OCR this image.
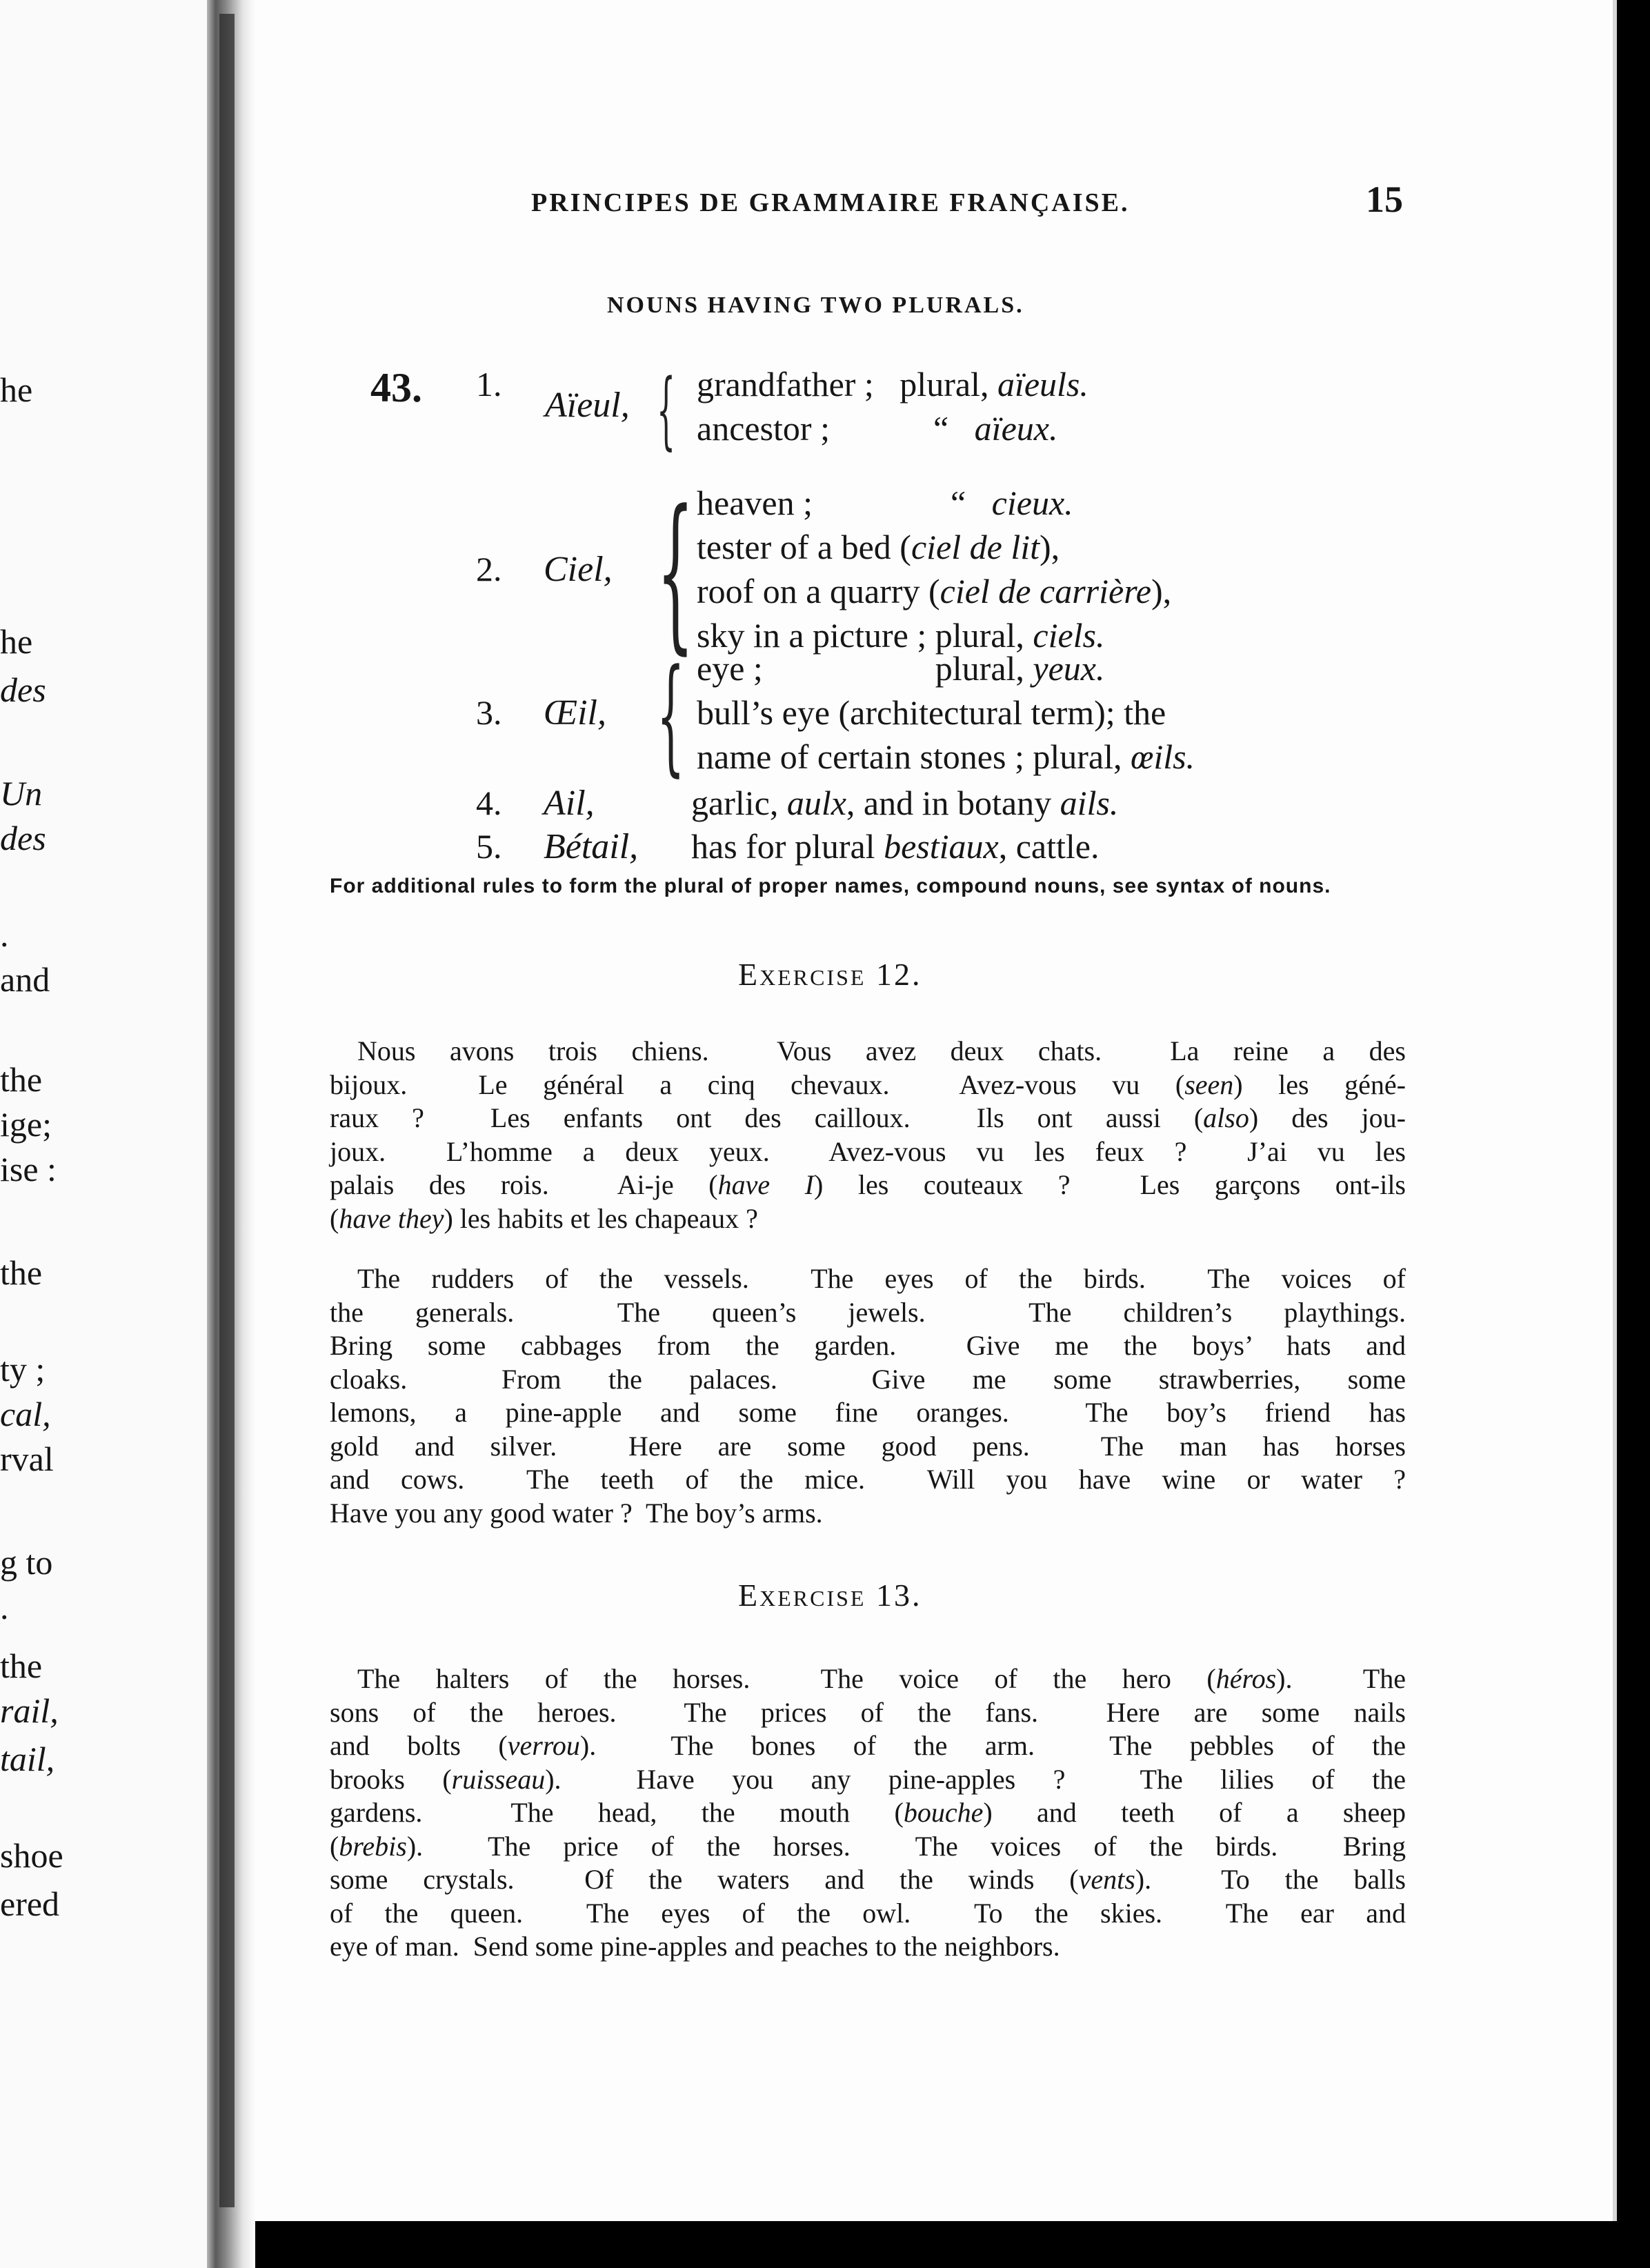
he
he
des
Un
des
.
and
the
ige;
ise :
the
ty ;
cal,
rval
g to
.
the
rail,
tail,
shoe
ered
PRINCIPES DE GRAMMAIRE FRANÇAISE.	15
NOUNS HAVING TWO PLURALS.
43. 1.
Aïeul, { grandfather ;   plural, aïeuls.
ancestor ;            “   aïeux.
2. Ciel, { heaven ;                “   cieux.
tester of a bed (ciel de lit),
roof on a quarry (ciel de carrière),
sky in a picture ; plural, ciels.
3. Œil, { eye ;                    plural, yeux.
bull’s eye (architectural term); the
name of certain stones ; plural, œils.
4. Ail,	garlic, aulx, and in botany ails.
5. Bétail, has for plural bestiaux, cattle.
For additional rules to form the plural of proper names, compound nouns, see syntax of nouns.
Exercise 12.
Nous avons trois chiens.  Vous avez deux chats.  La reine a des
bijoux.  Le général a cinq chevaux.  Avez-vous vu (seen) les géné-
raux ?  Les enfants ont des cailloux.  Ils ont aussi (also) des jou-
joux.  L’homme a deux yeux.  Avez-vous vu les feux ?  J’ai vu les
palais des rois.  Ai-je (have I) les couteaux ?  Les garçons ont-ils
(have they) les habits et les chapeaux ?
The rudders of the vessels.  The eyes of the birds.  The voices of
the generals.  The queen’s jewels.  The children’s playthings.
Bring some cabbages from the garden.  Give me the boys’ hats and
cloaks.  From the palaces.  Give me some strawberries, some
lemons, a pine-apple and some fine oranges.  The boy’s friend has
gold and silver.  Here are some good pens.  The man has horses
and cows.  The teeth of the mice.  Will you have wine or water ?
Have you any good water ?  The boy’s arms.
Exercise 13.
The halters of the horses.  The voice of the hero (héros).  The
sons of the heroes.  The prices of the fans.  Here are some nails
and bolts (verrou).  The bones of the arm.  The pebbles of the
brooks (ruisseau).  Have you any pine-apples ?  The lilies of the
gardens.  The head, the mouth (bouche) and teeth of a sheep
(brebis).  The price of the horses.  The voices of the birds.  Bring
some crystals.  Of the waters and the winds (vents).  To the balls
of the queen.  The eyes of the owl.  To the skies.  The ear and
eye of man.  Send some pine-apples and peaches to the neighbors.
